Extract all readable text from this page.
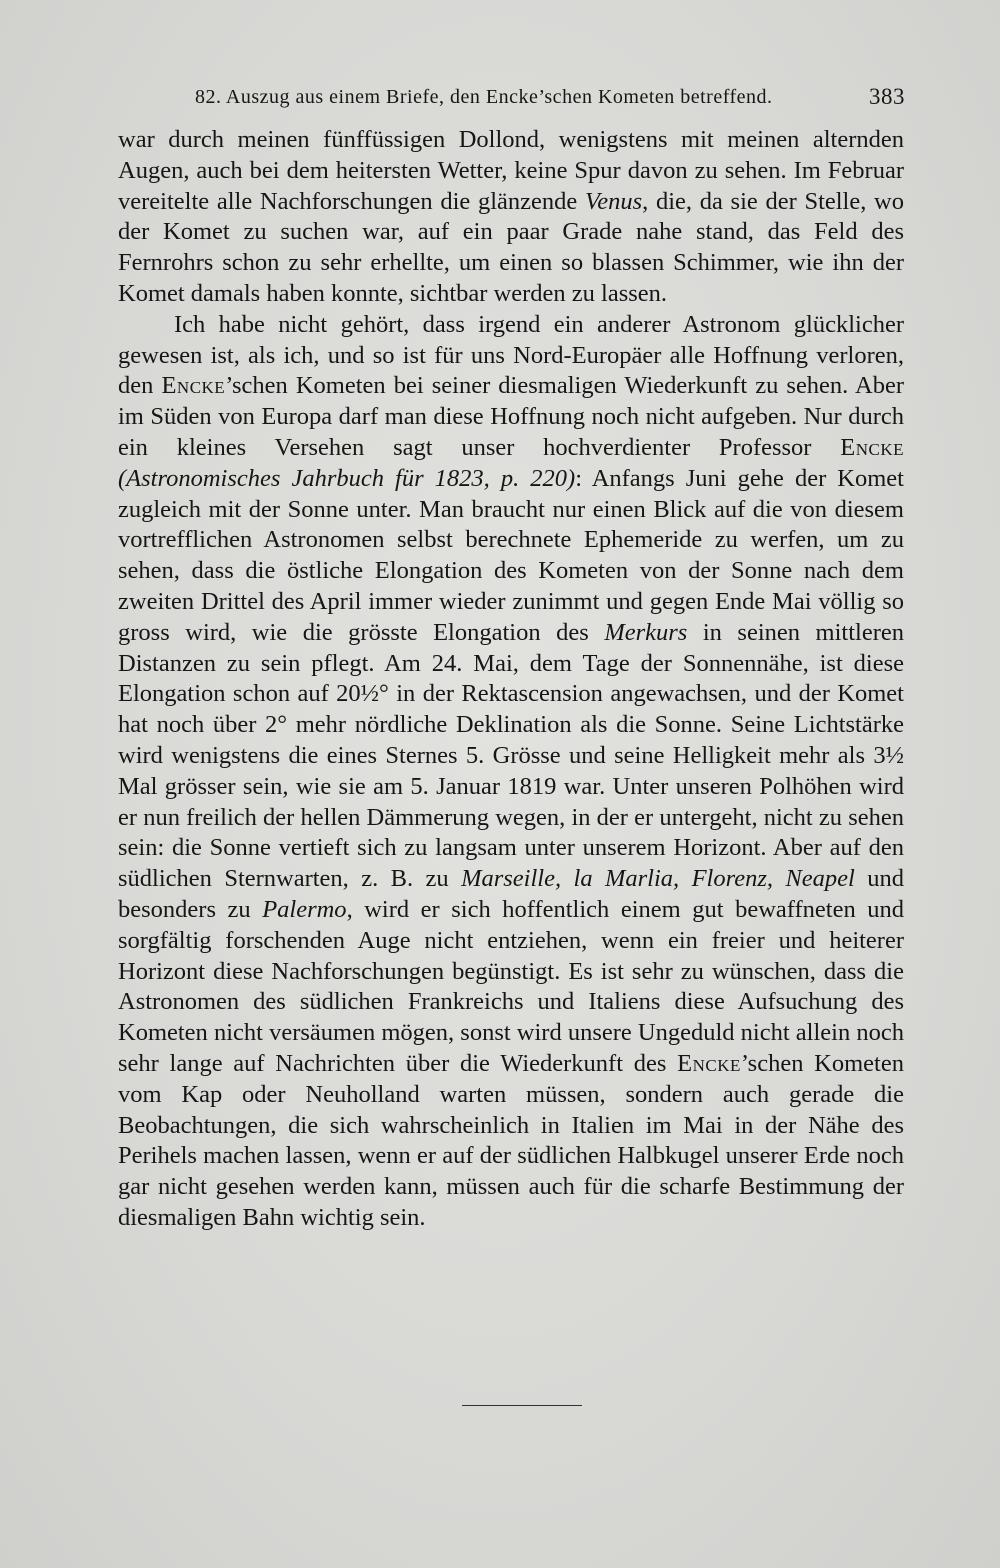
82. Auszug aus einem Briefe, den Encke’schen Kometen betreffend.	383

war durch meinen fünffüssigen Dollond, wenigstens mit meinen alternden Augen, auch bei dem heitersten Wetter, keine Spur davon zu sehen. Im Februar vereitelte alle Nachforschungen die glänzende Venus, die, da sie der Stelle, wo der Komet zu suchen war, auf ein paar Grade nahe stand, das Feld des Fernrohrs schon zu sehr erhellte, um einen so blassen Schimmer, wie ihn der Komet damals haben konnte, sichtbar werden zu lassen.

Ich habe nicht gehört, dass irgend ein anderer Astronom glücklicher gewesen ist, als ich, und so ist für uns Nord-Europäer alle Hoffnung verloren, den Encke’schen Kometen bei seiner diesmaligen Wiederkunft zu sehen. Aber im Süden von Europa darf man diese Hoffnung noch nicht aufgeben. Nur durch ein kleines Versehen sagt unser hochverdienter Professor Encke (Astronomisches Jahrbuch für 1823, p. 220): Anfangs Juni gehe der Komet zugleich mit der Sonne unter. Man braucht nur einen Blick auf die von diesem vortrefflichen Astronomen selbst berechnete Ephemeride zu werfen, um zu sehen, dass die östliche Elongation des Kometen von der Sonne nach dem zweiten Drittel des April immer wieder zunimmt und gegen Ende Mai völlig so gross wird, wie die grösste Elongation des Merkurs in seinen mittleren Distanzen zu sein pflegt. Am 24. Mai, dem Tage der Sonnennähe, ist diese Elongation schon auf 20½° in der Rektascension angewachsen, und der Komet hat noch über 2° mehr nördliche Deklination als die Sonne. Seine Lichtstärke wird wenigstens die eines Sternes 5. Grösse und seine Helligkeit mehr als 3½ Mal grösser sein, wie sie am 5. Januar 1819 war. Unter unseren Polhöhen wird er nun freilich der hellen Dämmerung wegen, in der er untergeht, nicht zu sehen sein: die Sonne vertieft sich zu langsam unter unserem Horizont. Aber auf den südlichen Sternwarten, z. B. zu Marseille, la Marlia, Florenz, Neapel und besonders zu Palermo, wird er sich hoffentlich einem gut bewaffneten und sorgfältig forschenden Auge nicht entziehen, wenn ein freier und heiterer Horizont diese Nachforschungen begünstigt. Es ist sehr zu wünschen, dass die Astronomen des südlichen Frankreichs und Italiens diese Aufsuchung des Kometen nicht versäumen mögen, sonst wird unsere Ungeduld nicht allein noch sehr lange auf Nachrichten über die Wiederkunft des Encke’schen Kometen vom Kap oder Neuholland warten müssen, sondern auch gerade die Beobachtungen, die sich wahrscheinlich in Italien im Mai in der Nähe des Perihels machen lassen, wenn er auf der südlichen Halbkugel unserer Erde noch gar nicht gesehen werden kann, müssen auch für die scharfe Bestimmung der diesmaligen Bahn wichtig sein.
